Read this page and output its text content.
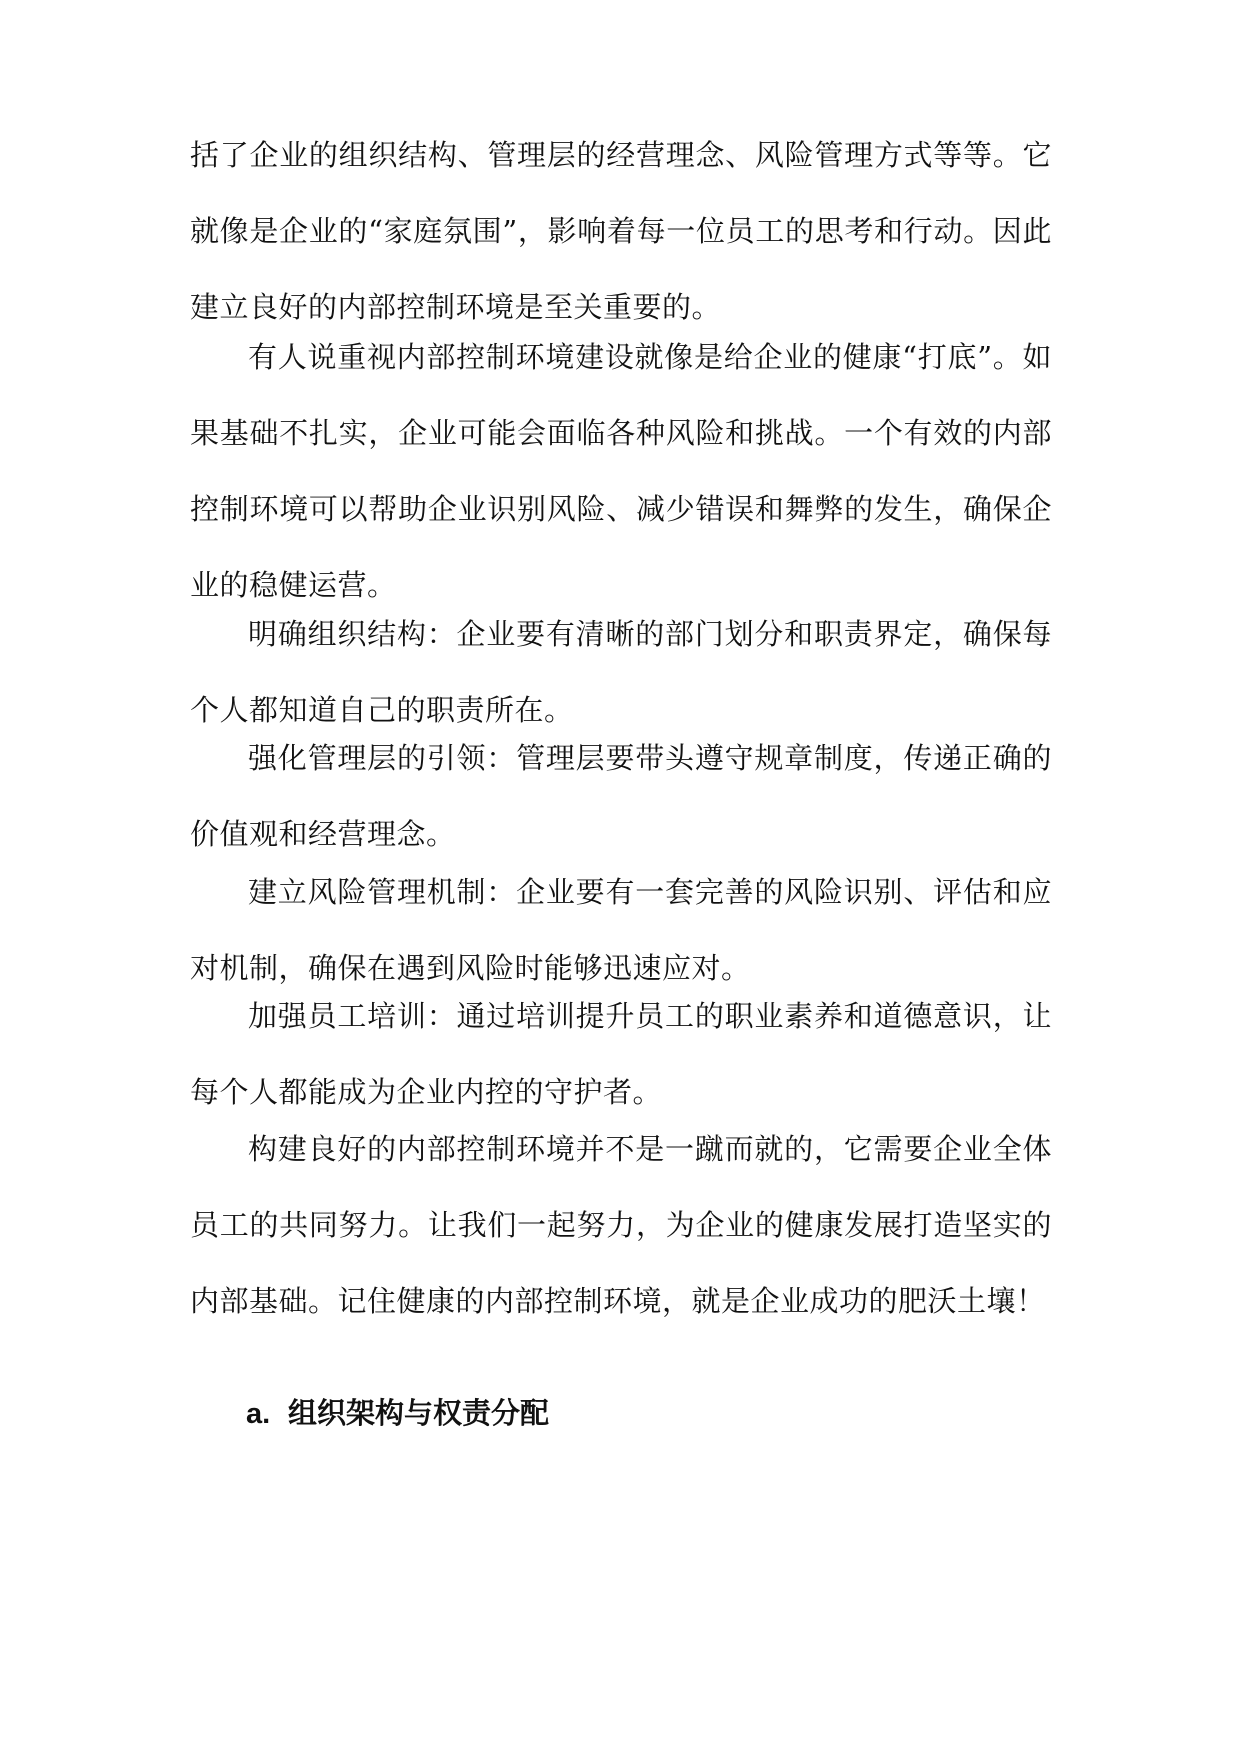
括了企业的组织结构、管理层的经营理念、风险管理方式等等。它就像是企业的“家庭氛围”，影响着每一位员工的思考和行动。因此建立良好的内部控制环境是至关重要的。

有人说重视内部控制环境建设就像是给企业的健康“打底”。如果基础不扎实，企业可能会面临各种风险和挑战。一个有效的内部控制环境可以帮助企业识别风险、减少错误和舞弊的发生，确保企业的稳健运营。

明确组织结构：企业要有清晰的部门划分和职责界定，确保每个人都知道自己的职责所在。

强化管理层的引领：管理层要带头遵守规章制度，传递正确的价值观和经营理念。

建立风险管理机制：企业要有一套完善的风险识别、评估和应对机制，确保在遇到风险时能够迅速应对。

加强员工培训：通过培训提升员工的职业素养和道德意识，让每个人都能成为企业内控的守护者。

构建良好的内部控制环境并不是一蹴而就的，它需要企业全体员工的共同努力。让我们一起努力，为企业的健康发展打造坚实的内部基础。记住健康的内部控制环境，就是企业成功的肥沃土壤！

a. 组织架构与权责分配
